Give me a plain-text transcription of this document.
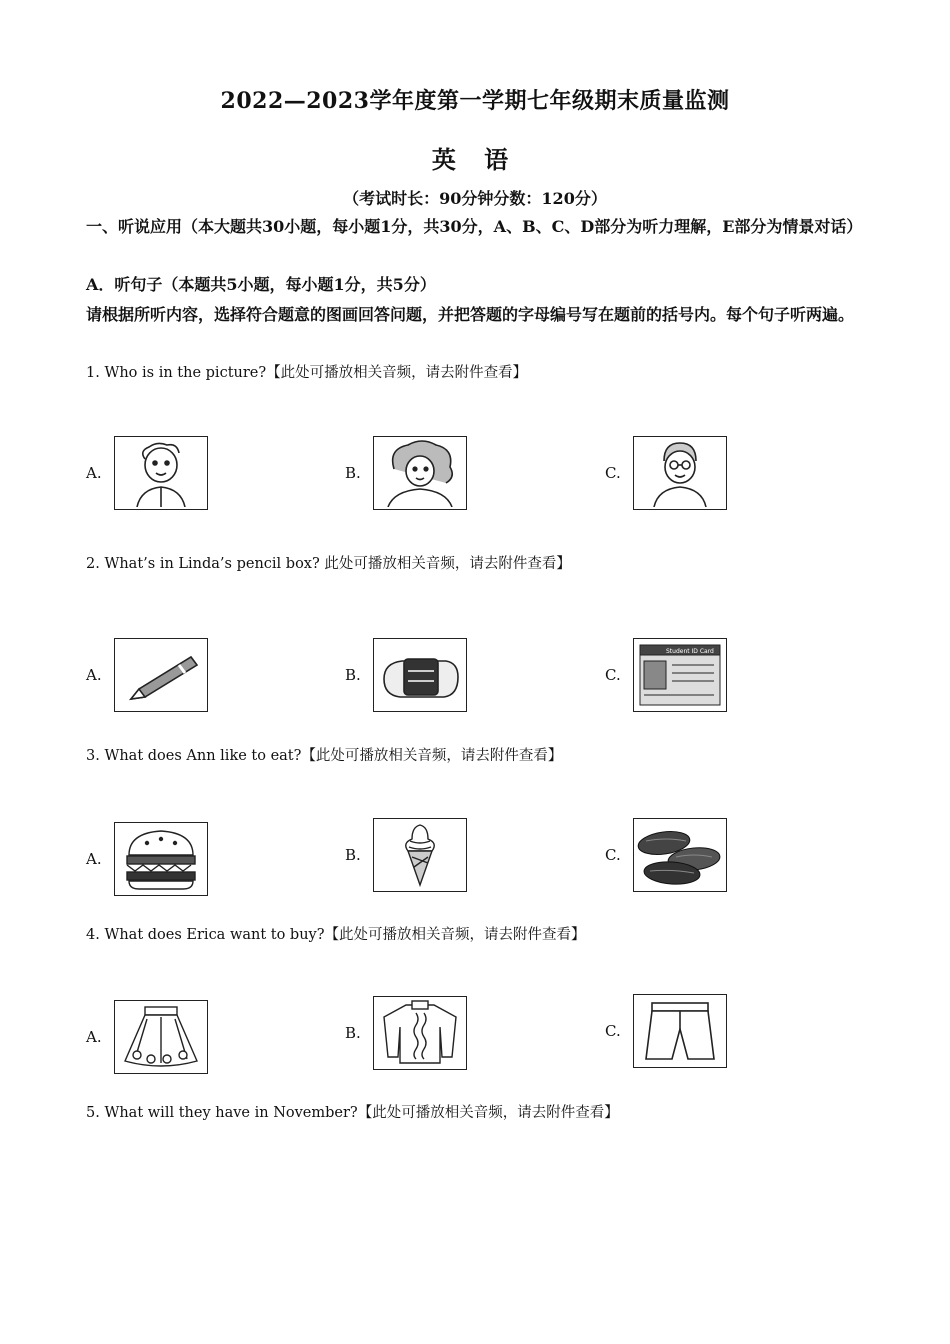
2022—2023学年度第一学期七年级期末质量监测
英 语
（考试时长：90分钟分数：120分）
一、听说应用（本大题共30小题，每小题1分，共30分，A、B、C、D部分为听力理解，E部分为情景对话）
A．听句子（本题共5小题，每小题1分，共5分）
请根据所听内容，选择符合题意的图画回答问题，并把答题的字母编号写在题前的括号内。每个句子听两遍。
1. Who is in the picture?【此处可播放相关音频，请去附件查看】
A.	B.	C.
2. What’s in Linda’s pencil box? 此处可播放相关音频，请去附件查看】
A.	B.	C.
Student ID Card
3. What does Ann like to eat?【此处可播放相关音频，请去附件查看】
A.	B.	C.
4. What does Erica want to buy?【此处可播放相关音频，请去附件查看】
A.	B.	C.
5. What will they have in November?【此处可播放相关音频，请去附件查看】
